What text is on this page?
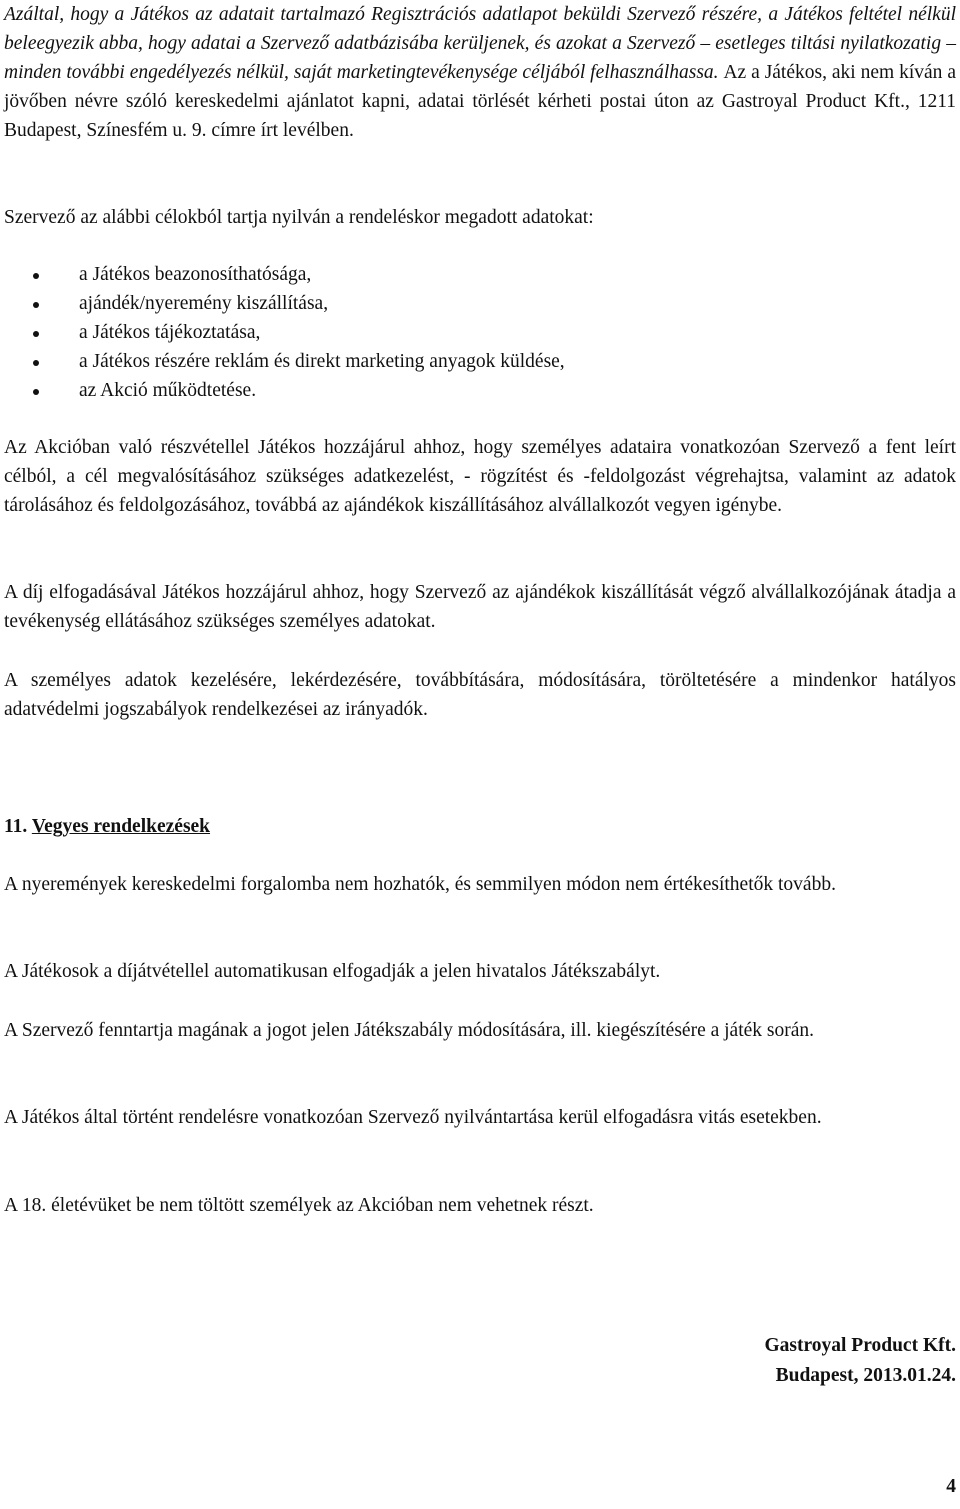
Azáltal, hogy a Játékos az adatait tartalmazó Regisztrációs adatlapot beküldi Szervező részére, a Játékos feltétel nélkül beleegyezik abba, hogy adatai a Szervező adatbázisába kerüljenek, és azokat a Szervező ‒ esetleges tiltási nyilatkozatig ‒ minden további engedélyezés nélkül, saját marketingtevékenysége céljából felhasználhassa. Az a Játékos, aki nem kíván a jövőben névre szóló kereskedelmi ajánlatot kapni, adatai törlését kérheti postai úton az Gastroyal Product Kft., 1211 Budapest, Színesfém u. 9. címre írt levélben.

Szervező az alábbi célokból tartja nyilván a rendeléskor megadott adatokat:

a Játékos beazonosíthatósága,
ajándék/nyeremény kiszállítása,
a Játékos tájékoztatása,
a Játékos részére reklám és direkt marketing anyagok küldése,
az Akció működtetése.

Az Akcióban való részvétellel Játékos hozzájárul ahhoz, hogy személyes adataira vonatkozóan Szervező a fent leírt célból, a cél megvalósításához szükséges adatkezelést, - rögzítést és -feldolgozást végrehajtsa, valamint az adatok tárolásához és feldolgozásához, továbbá az ajándékok kiszállításához alvállalkozót vegyen igénybe.

A díj elfogadásával Játékos hozzájárul ahhoz, hogy Szervező az ajándékok kiszállítását végző alvállalkozójának átadja a tevékenység ellátásához szükséges személyes adatokat.

A személyes adatok kezelésére, lekérdezésére, továbbítására, módosítására, töröltetésére a mindenkor hatályos adatvédelmi jogszabályok rendelkezései az irányadók.

11. Vegyes rendelkezések

A nyeremények kereskedelmi forgalomba nem hozhatók, és semmilyen módon nem értékesíthetők tovább.

A Játékosok a díjátvétellel automatikusan elfogadják a jelen hivatalos Játékszabályt.

A Szervező fenntartja magának a jogot jelen Játékszabály módosítására, ill. kiegészítésére a játék során.

A Játékos által történt rendelésre vonatkozóan Szervező nyilvántartása kerül elfogadásra vitás esetekben.

A 18. életévüket be nem töltött személyek az Akcióban nem vehetnek részt.

Gastroyal Product Kft.
Budapest, 2013.01.24.
4
